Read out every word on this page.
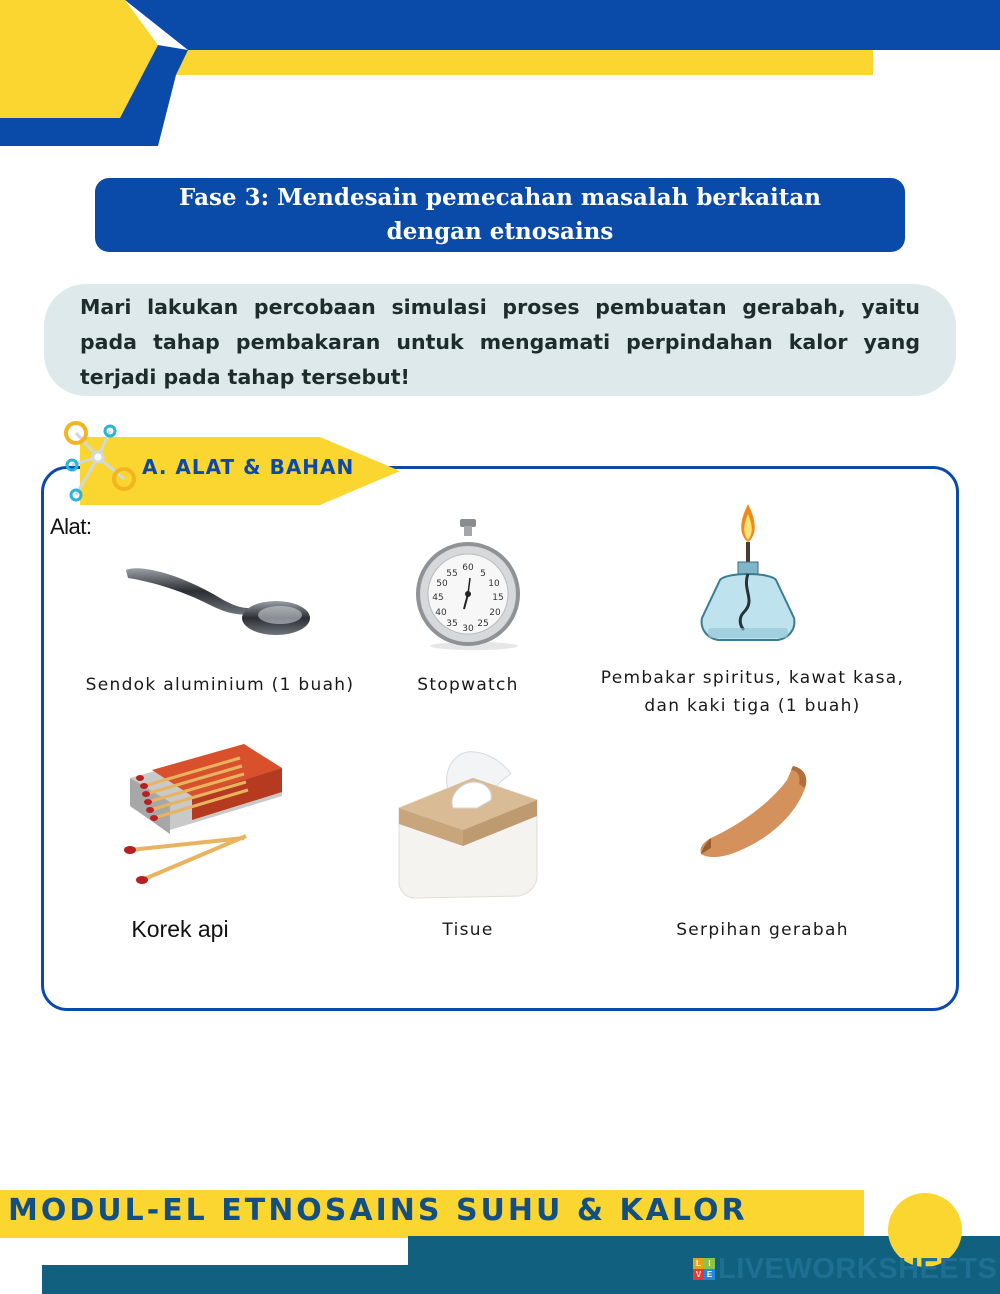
Fase 3: Mendesain pemecahan masalah berkaitan
dengan etnosains
Mari lakukan percobaan simulasi proses pembuatan gerabah, yaitu pada tahap pembakaran untuk mengamati perpindahan kalor yang terjadi pada tahap tersebut!
A. ALAT & BAHAN
Alat:
55
60
5
50	10
45	15
40	20
35 30 25
Sendok aluminium (1 buah)	Stopwatch	Pembakar spiritus, kawat kasa,
dan kaki tiga (1 buah)
Korek api	Tisue	Serpihan gerabah
MODUL-EL ETNOSAINS SUHU & KALOR
L I
V E LIVEWORKSHEETS
